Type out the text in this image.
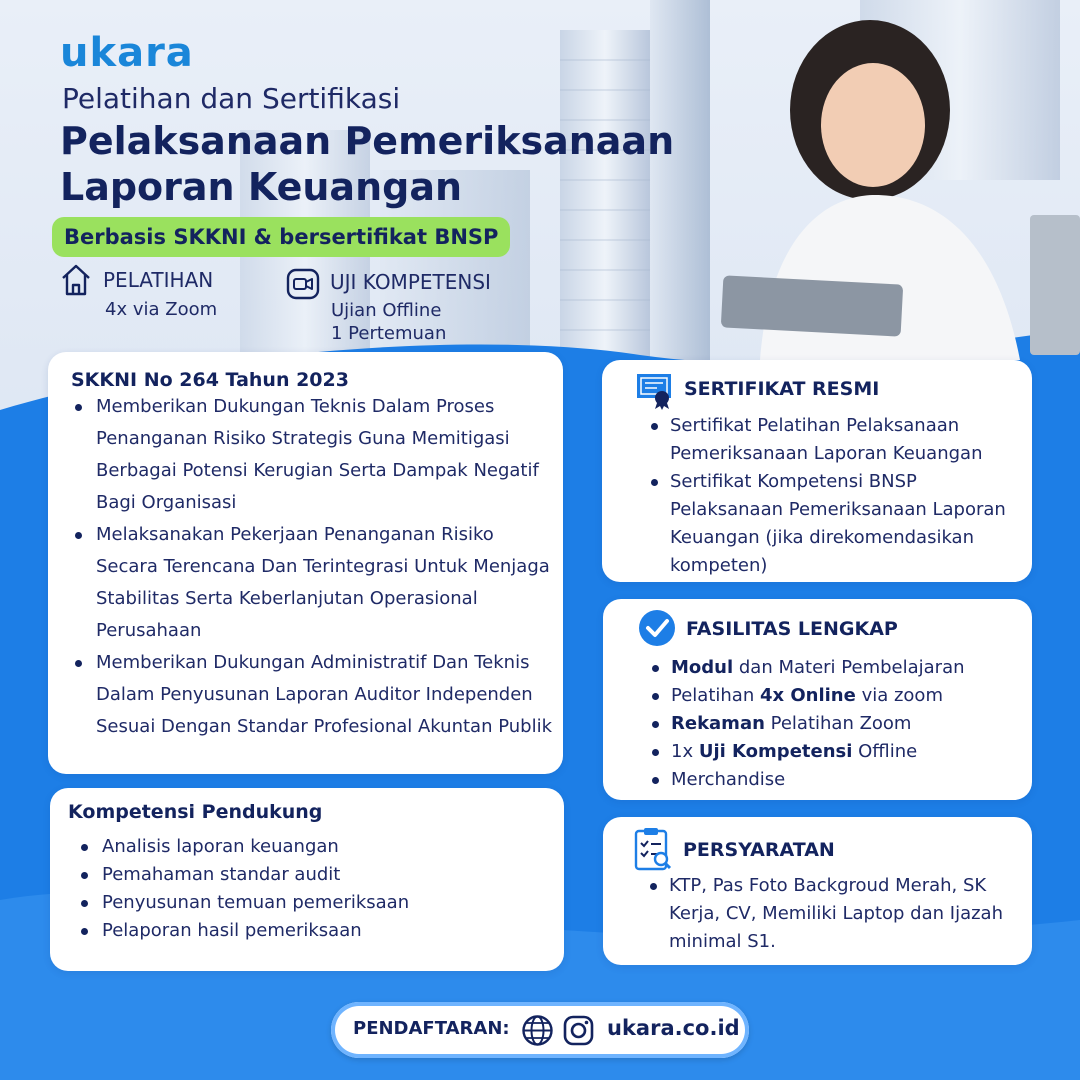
ukara
Pelatihan dan Sertifikasi
Pelaksanaan Pemeriksanaan
Laporan Keuangan
Berbasis SKKNI & bersertifikat BNSP
PELATIHAN
4x via Zoom
UJI KOMPETENSI
Ujian Offline
1 Pertemuan
SKKNI No 264 Tahun 2023
Memberikan Dukungan Teknis Dalam Proses Penanganan Risiko Strategis Guna Memitigasi Berbagai Potensi Kerugian Serta Dampak Negatif Bagi Organisasi
Melaksanakan Pekerjaan Penanganan Risiko Secara Terencana Dan Terintegrasi Untuk Menjaga Stabilitas Serta Keberlanjutan Operasional Perusahaan
Memberikan Dukungan Administratif Dan Teknis Dalam Penyusunan Laporan Auditor Independen Sesuai Dengan Standar Profesional Akuntan Publik
Kompetensi Pendukung
Analisis laporan keuangan
Pemahaman standar audit
Penyusunan temuan pemeriksaan
Pelaporan hasil pemeriksaan
SERTIFIKAT RESMI
Sertifikat Pelatihan Pelaksanaan Pemeriksanaan Laporan Keuangan
Sertifikat Kompetensi BNSP Pelaksanaan Pemeriksanaan Laporan Keuangan (jika direkomendasikan kompeten)
FASILITAS LENGKAP
Modul dan Materi Pembelajaran
Pelatihan 4x Online via zoom
Rekaman Pelatihan Zoom
1x Uji Kompetensi Offline
Merchandise
PERSYARATAN
KTP, Pas Foto Backgroud Merah, SK Kerja, CV, Memiliki Laptop dan Ijazah minimal S1.
PENDAFTARAN:	ukara.co.id
